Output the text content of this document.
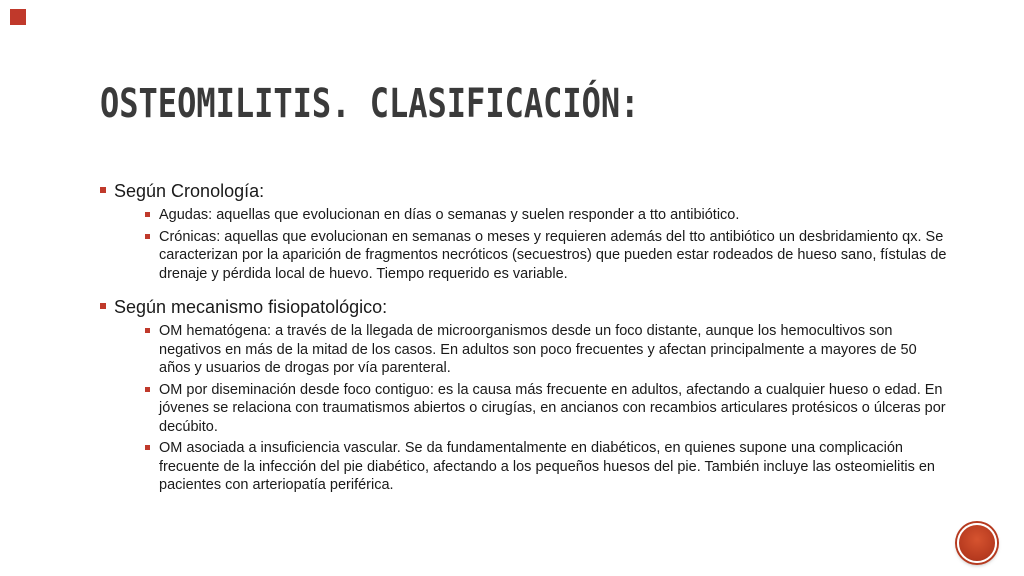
OSTEOMILITIS. CLASIFICACIÓN:
Según Cronología:
Agudas: aquellas que evolucionan en días o semanas y suelen responder a tto antibiótico.
Crónicas: aquellas que evolucionan en semanas o meses y requieren además del tto antibiótico un desbridamiento qx. Se caracterizan por la aparición de fragmentos necróticos (secuestros) que pueden estar rodeados de hueso sano, fístulas de drenaje y pérdida local de huevo. Tiempo requerido es variable.
Según mecanismo fisiopatológico:
OM hematógena: a través de la llegada de microorganismos desde un foco distante, aunque los hemocultivos son negativos en más de la mitad de los casos. En adultos son poco frecuentes y afectan principalmente a mayores de 50 años y usuarios de drogas por vía parenteral.
OM por diseminación desde foco contiguo: es la causa más frecuente en adultos, afectando a cualquier hueso o edad. En jóvenes se relaciona con traumatismos abiertos o cirugías, en ancianos con recambios articulares protésicos o úlceras por decúbito.
OM asociada a insuficiencia vascular. Se da fundamentalmente en diabéticos, en quienes supone una complicación frecuente de la infección del pie diabético, afectando a los pequeños huesos del pie. También incluye las osteomielitis en pacientes con arteriopatía periférica.
